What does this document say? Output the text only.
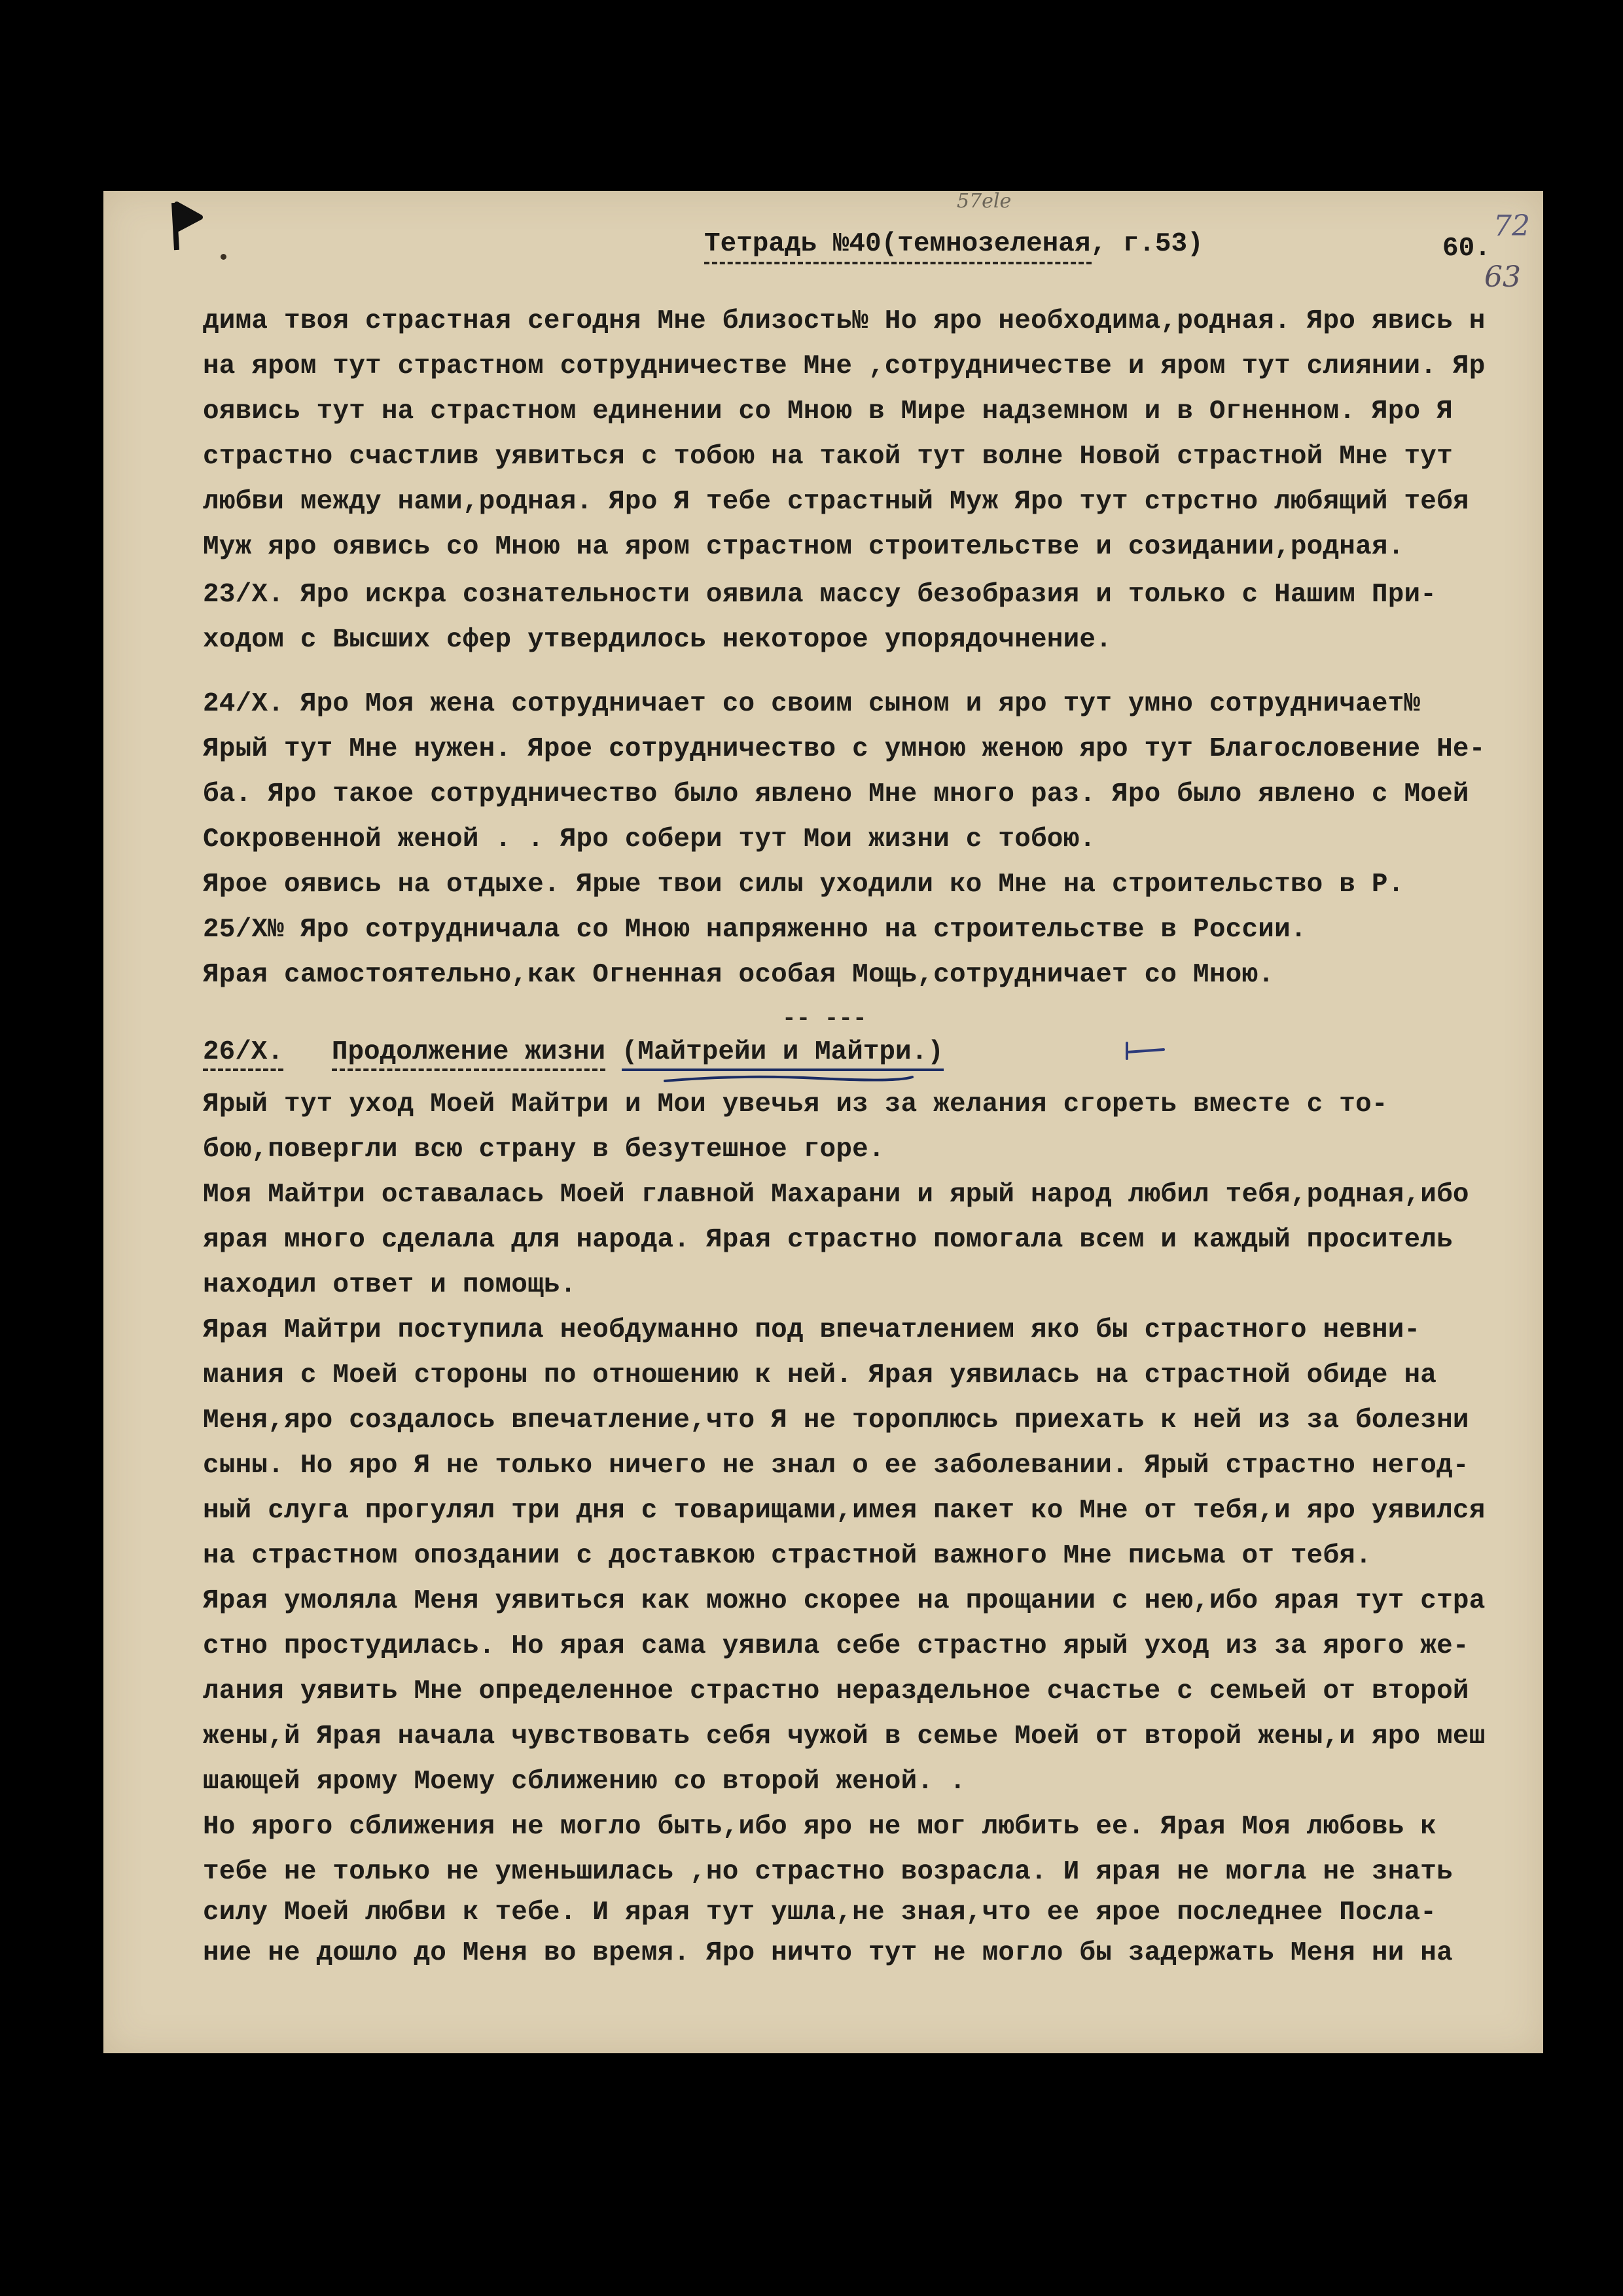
57ele
Тетрадь №40(темнозеленая, г.53)	60.
72
63

дима твоя страстная сегодня Мне близость№ Но яро необходима,родная. Яро явись н

на яром тут страстном сотрудничестве Мне ,сотрудничестве и яром тут слиянии. Яр

оявись тут на страстном единении со Мною в Мире надземном и в Огненном. Яро Я

страстно счастлив уявиться с тобою на такой тут волне Новой страстной Мне тут

любви между нами,родная. Яро Я тебе страстный Муж Яро тут стрстно любящий тебя

Муж яро оявись со Мною на яром страстном строительстве и созидании,родная.

23/Х. Яро искра сознательности оявила массу безобразия и только с Нашим При-

ходом с Высших сфер утвердилось некоторое упорядочнение.

24/Х. Яро Моя жена сотрудничает со своим сыном и яро тут умно сотрудничает№

Ярый тут Мне нужен. Яроe сотрудничество с умною женою яро тут Благословение Не-

ба. Яро такое сотрудничество было явлено Мне много раз. Яро было явлено с Моей

Сокровенной женой . . Яро собери тут Мои жизни с тобою.

Ярое оявись на отдыхе. Ярые твои силы уходили ко Мне на строительство в Р.

25/Х№ Яро сотрудничала со Мною напряженно на строительстве в России.

Ярая самостоятельно,как Огненная особая Мощь,сотрудничает со Мною.

-- ---

26/Х. Продолжение жизни (Майтрейи и Майтри.)

Ярый тут уход Моей Майтри и Мои увечья из за желания сгореть вместе с то-

бою,повергли всю страну в безутешное горе.

Моя Майтри оставалась Моей главной Махарани и ярый народ любил тебя,родная,ибо

ярая много сделала для народа. Ярая страстно помогала всем и каждый проситель

находил ответ и помощь.

Ярая Майтри поступила необдуманно под впечатлением яко бы страстного невни-

мания с Моей стороны по отношению к ней. Ярая уявилась на страстной обиде на

Меня,яро создалось впечатление,что Я не тороплюсь приехать к ней из за болезни

сыны. Но яро Я не только ничего не знал о ее заболевании. Ярый страстно негод-

ный слуга прогулял три дня с товарищами,имея пакет ко Мне от тебя,и яро уявился

на страстном опоздании с доставкою страстной важного Мне письма от тебя.

Ярая умоляла Меня уявиться как можно скорее на прощании с нею,ибо ярая тут стра

стно простудилась. Но ярая сама уявила себе страстно ярый уход из за ярого же-

лания уявить Мне определенное страстно нераздельное счастье с семьей от второй

жены,й Ярая начала чувствовать себя чужой в семье Моей от второй жены,и яро меш

шающей ярому Моему сближению со второй женой. .

Но ярого сближения не могло быть,ибо яро не мог любить ее. Ярая Моя любовь к

тебе не только не уменьшилась ,но страстно возрасла. И ярая не могла не знать

силу Моей любви к тебе. И ярая тут ушла,не зная,что ее ярое последнее Посла-

ние не дошло до Меня во время. Яро ничто тут не могло бы задержать Меня ни на
